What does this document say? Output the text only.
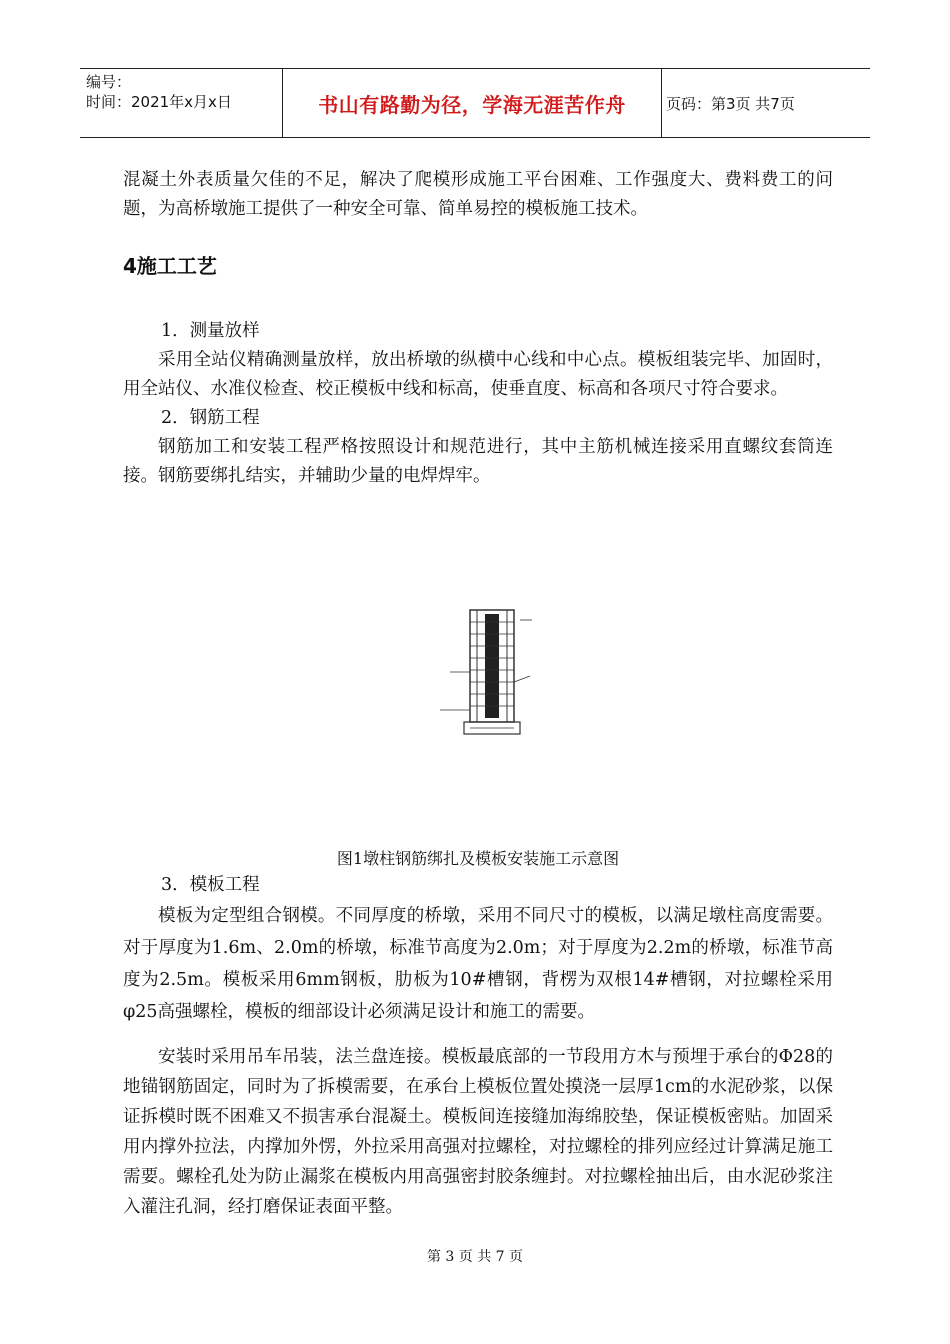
编号：
时间：2021年x月x日	书山有路勤为径，学海无涯苦作舟	页码：第3页 共7页

混凝土外表质量欠佳的不足，解决了爬模形成施工平台困难、工作强度大、费料费工的问题，为高桥墩施工提供了一种安全可靠、简单易控的模板施工技术。

4施工工艺

1．测量放样

采用全站仪精确测量放样，放出桥墩的纵横中心线和中心点。模板组装完毕、加固时，用全站仪、水准仪检查、校正模板中线和标高，使垂直度、标高和各项尺寸符合要求。

2．钢筋工程

钢筋加工和安装工程严格按照设计和规范进行，其中主筋机械连接采用直螺纹套筒连接。钢筋要绑扎结实，并辅助少量的电焊焊牢。

图1墩柱钢筋绑扎及模板安装施工示意图

3．模板工程

模板为定型组合钢模。不同厚度的桥墩，采用不同尺寸的模板，以满足墩柱高度需要。对于厚度为1.6m、2.0m的桥墩，标准节高度为2.0m；对于厚度为2.2m的桥墩，标准节高度为2.5m。模板采用6mm钢板，肋板为10#槽钢，背楞为双根14#槽钢，对拉螺栓采用φ25高强螺栓，模板的细部设计必须满足设计和施工的需要。

安装时采用吊车吊装，法兰盘连接。模板最底部的一节段用方木与预埋于承台的Φ28的地锚钢筋固定，同时为了拆模需要，在承台上模板位置处摸浇一层厚1cm的水泥砂浆，以保证拆模时既不困难又不损害承台混凝土。模板间连接缝加海绵胶垫，保证模板密贴。加固采用内撑外拉法，内撑加外愣，外拉采用高强对拉螺栓，对拉螺栓的排列应经过计算满足施工需要。螺栓孔处为防止漏浆在模板内用高强密封胶条缠封。对拉螺栓抽出后，由水泥砂浆注入灌注孔洞，经打磨保证表面平整。

第 3 页 共 7 页
